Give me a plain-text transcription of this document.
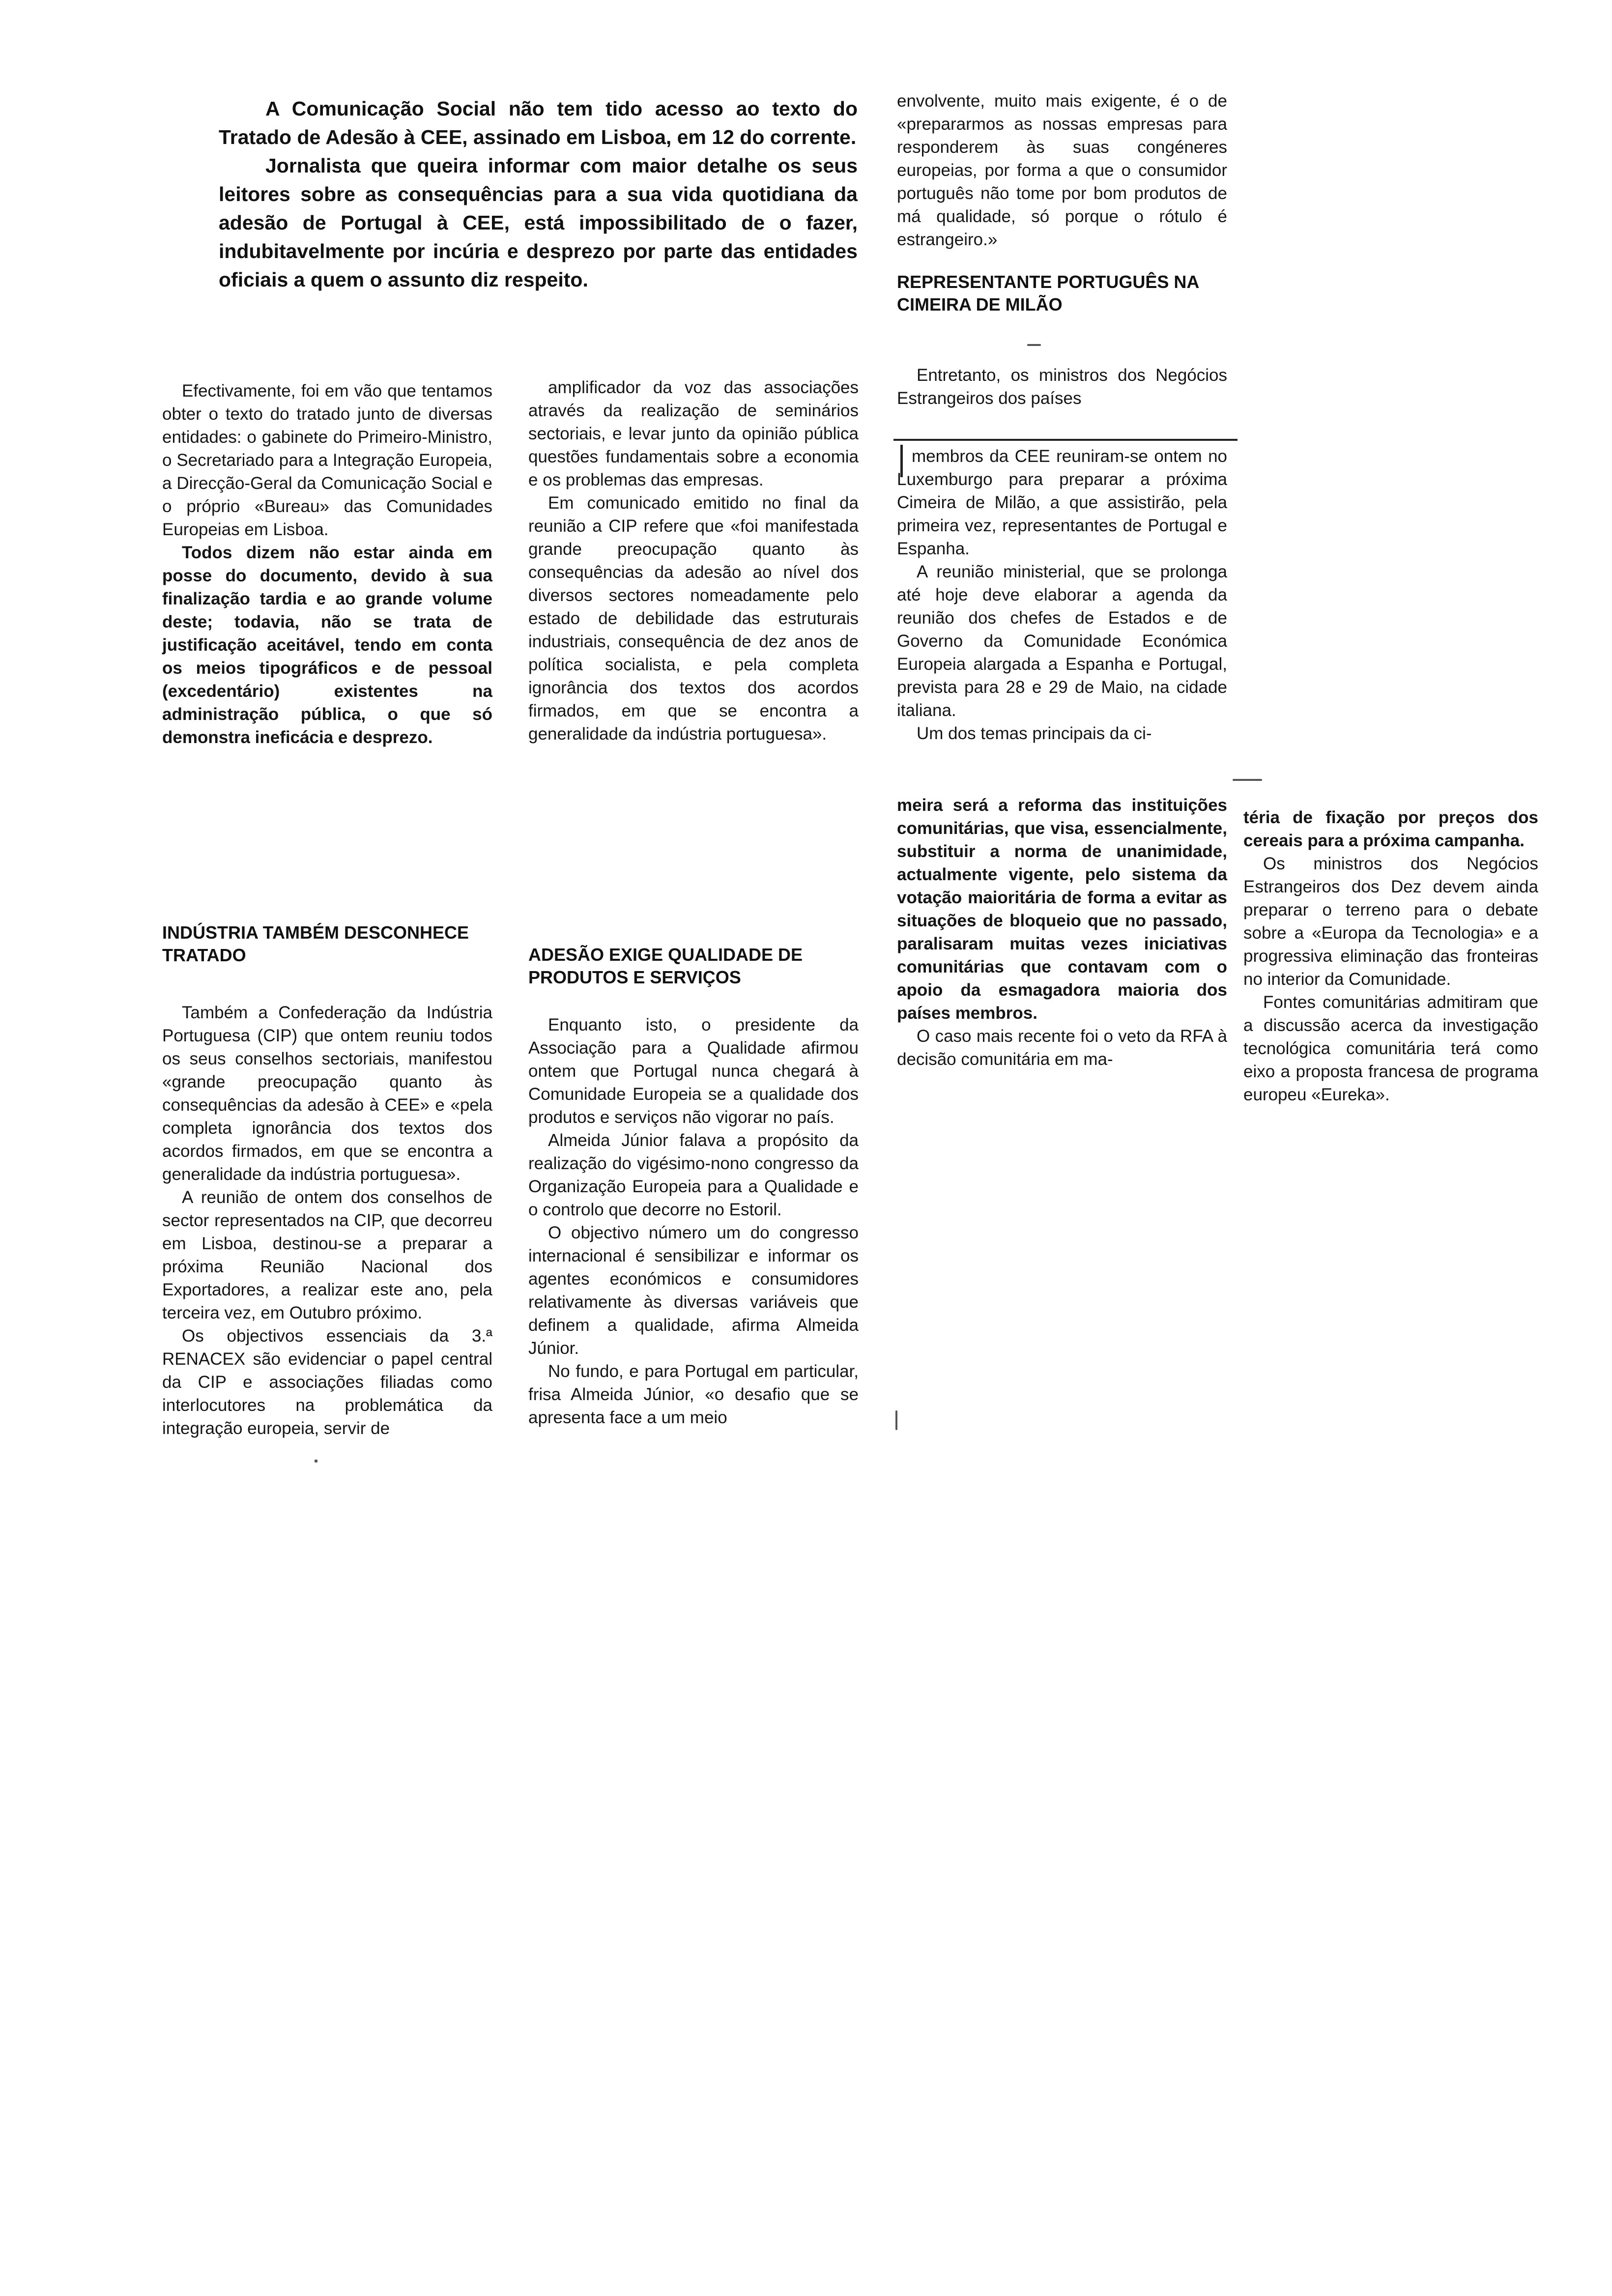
A Comunicação Social não tem tido acesso ao texto do Tratado de Adesão à CEE, assinado em Lisboa, em 12 do corrente.

Jornalista que queira informar com maior detalhe os seus leitores sobre as consequências para a sua vida quotidiana da adesão de Portugal à CEE, está impossibilitado de o fazer, indubitavelmente por incúria e desprezo por parte das entidades oficiais a quem o assunto diz respeito.

Efectivamente, foi em vão que tentamos obter o texto do tratado junto de diversas entidades: o gabinete do Primeiro-Ministro, o Secretariado para a Integração Europeia, a Direcção-Geral da Comunicação Social e o próprio «Bureau» das Comunidades Europeias em Lisboa.

Todos dizem não estar ainda em posse do documento, devido à sua finalização tardia e ao grande volume deste; todavia, não se trata de justificação aceitável, tendo em conta os meios tipográficos e de pessoal (excedentário) existentes na administração pública, o que só demonstra ineficácia e desprezo.

INDÚSTRIA TAMBÉM DESCONHECE TRATADO

Também a Confederação da Indústria Portuguesa (CIP) que ontem reuniu todos os seus conselhos sectoriais, manifestou «grande preocupação quanto às consequências da adesão à CEE» e «pela completa ignorância dos textos dos acordos firmados, em que se encontra a generalidade da indústria portuguesa».

A reunião de ontem dos conselhos de sector representados na CIP, que decorreu em Lisboa, destinou-se a preparar a próxima Reunião Nacional dos Exportadores, a realizar este ano, pela terceira vez, em Outubro próximo.

Os objectivos essenciais da 3.ª RENACEX são evidenciar o papel central da CIP e associações filiadas como interlocutores na problemática da integração europeia, servir de

amplificador da voz das associações através da realização de seminários sectoriais, e levar junto da opinião pública questões fundamentais sobre a economia e os problemas das empresas.

Em comunicado emitido no final da reunião a CIP refere que «foi manifestada grande preocupação quanto às consequências da adesão ao nível dos diversos sectores nomeadamente pelo estado de debilidade das estruturais industriais, consequência de dez anos de política socialista, e pela completa ignorância dos textos dos acordos firmados, em que se encontra a generalidade da indústria portuguesa».

ADESÃO EXIGE QUALIDADE DE PRODUTOS E SERVIÇOS

Enquanto isto, o presidente da Associação para a Qualidade afirmou ontem que Portugal nunca chegará à Comunidade Europeia se a qualidade dos produtos e serviços não vigorar no país.

Almeida Júnior falava a propósito da realização do vigésimo-nono congresso da Organização Europeia para a Qualidade e o controlo que decorre no Estoril.

O objectivo número um do congresso internacional é sensibilizar e informar os agentes económicos e consumidores relativamente às diversas variáveis que definem a qualidade, afirma Almeida Júnior.

No fundo, e para Portugal em particular, frisa Almeida Júnior, «o desafio que se apresenta face a um meio

envolvente, muito mais exigente, é o de «prepararmos as nossas empresas para responderem às suas congéneres europeias, por forma a que o consumidor português não tome por bom produtos de má qualidade, só porque o rótulo é estrangeiro.»

REPRESENTANTE PORTUGUÊS NA CIMEIRA DE MILÃO

Entretanto, os ministros dos Negócios Estrangeiros dos países

membros da CEE reuniram-se ontem no Luxemburgo para preparar a próxima Cimeira de Milão, a que assistirão, pela primeira vez, representantes de Portugal e Espanha.

A reunião ministerial, que se prolonga até hoje deve elaborar a agenda da reunião dos chefes de Estados e de Governo da Comunidade Económica Europeia alargada a Espanha e Portugal, prevista para 28 e 29 de Maio, na cidade italiana.

Um dos temas principais da ci-

meira será a reforma das instituições comunitárias, que visa, essencialmente, substituir a norma de unanimidade, actualmente vigente, pelo sistema da votação maioritária de forma a evitar as situações de bloqueio que no passado, paralisaram muitas vezes iniciativas comunitárias que contavam com o apoio da esmagadora maioria dos países membros.

O caso mais recente foi o veto da RFA à decisão comunitária em ma-

téria de fixação por preços dos cereais para a próxima campanha.

Os ministros dos Negócios Estrangeiros dos Dez devem ainda preparar o terreno para o debate sobre a «Europa da Tecnologia» e a progressiva eliminação das fronteiras no interior da Comunidade.

Fontes comunitárias admitiram que a discussão acerca da investigação tecnológica comunitária terá como eixo a proposta francesa de programa europeu «Eureka».
